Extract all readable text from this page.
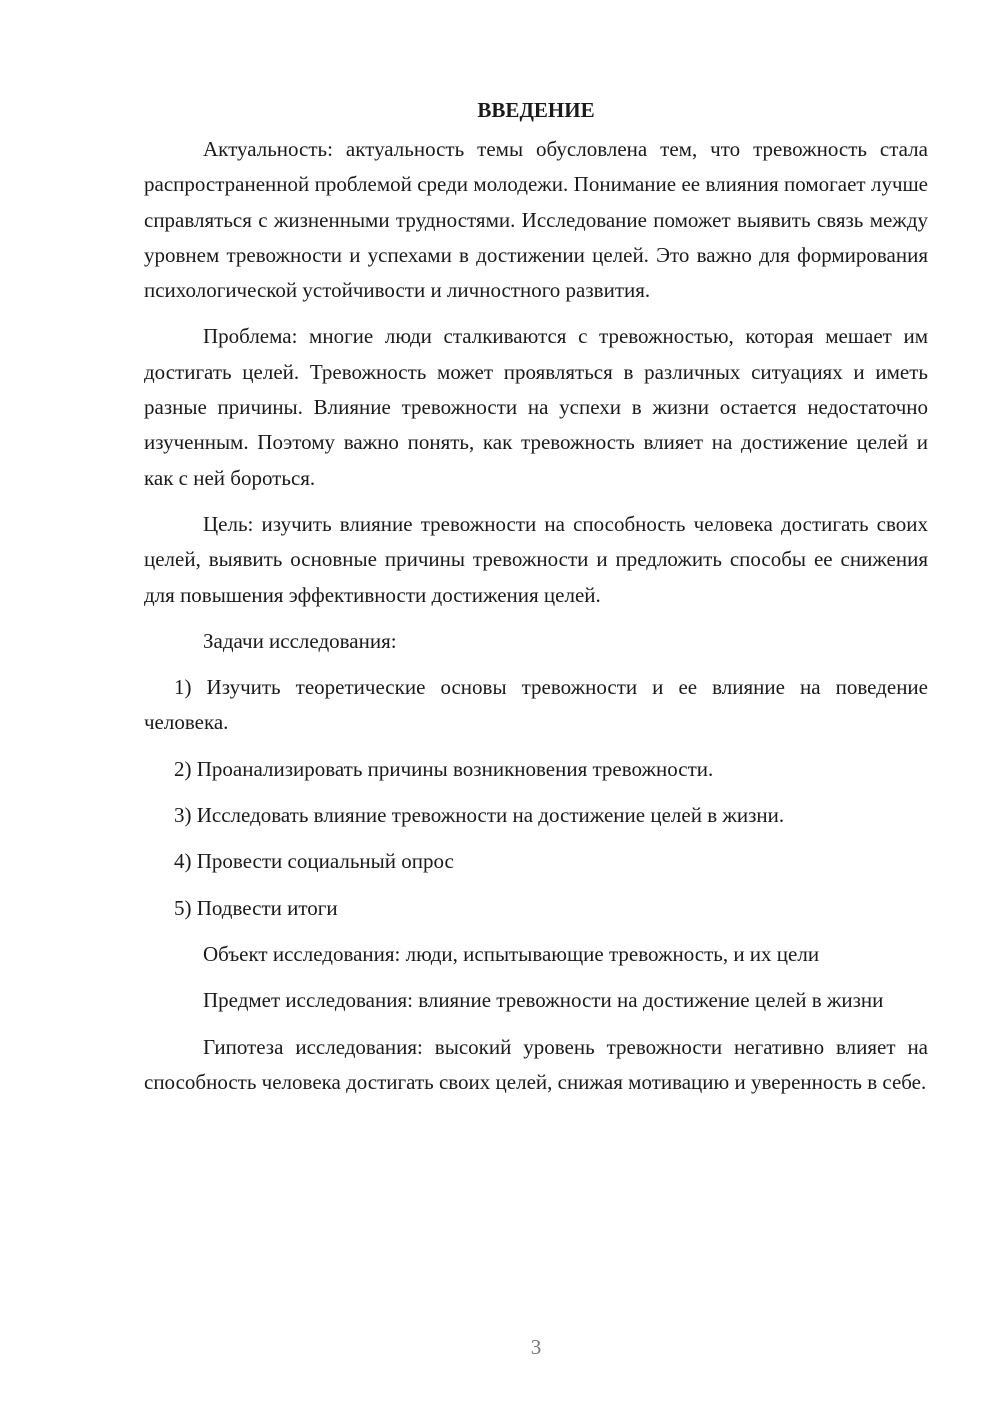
ВВЕДЕНИЕ

Актуальность: актуальность темы обусловлена тем, что тревожность стала распространенной проблемой среди молодежи. Понимание ее влияния помогает лучше справляться с жизненными трудностями. Исследование поможет выявить связь между уровнем тревожности и успехами в достижении целей. Это важно для формирования психологической устойчивости и личностного развития.

Проблема: многие люди сталкиваются с тревожностью, которая мешает им достигать целей. Тревожность может проявляться в различных ситуациях и иметь разные причины. Влияние тревожности на успехи в жизни остается недостаточно изученным. Поэтому важно понять, как тревожность влияет на достижение целей и как с ней бороться.

Цель: изучить влияние тревожности на способность человека достигать своих целей, выявить основные причины тревожности и предложить способы ее снижения для повышения эффективности достижения целей.

Задачи исследования:

1) Изучить теоретические основы тревожности и ее влияние на поведение человека.

2) Проанализировать причины возникновения тревожности.

3) Исследовать влияние тревожности на достижение целей в жизни.

4) Провести социальный опрос

5) Подвести итоги

Объект исследования: люди, испытывающие тревожность, и их цели

Предмет исследования: влияние тревожности на достижение целей в жизни

Гипотеза исследования: высокий уровень тревожности негативно влияет на способность человека достигать своих целей, снижая мотивацию и уверенность в себе.

3
